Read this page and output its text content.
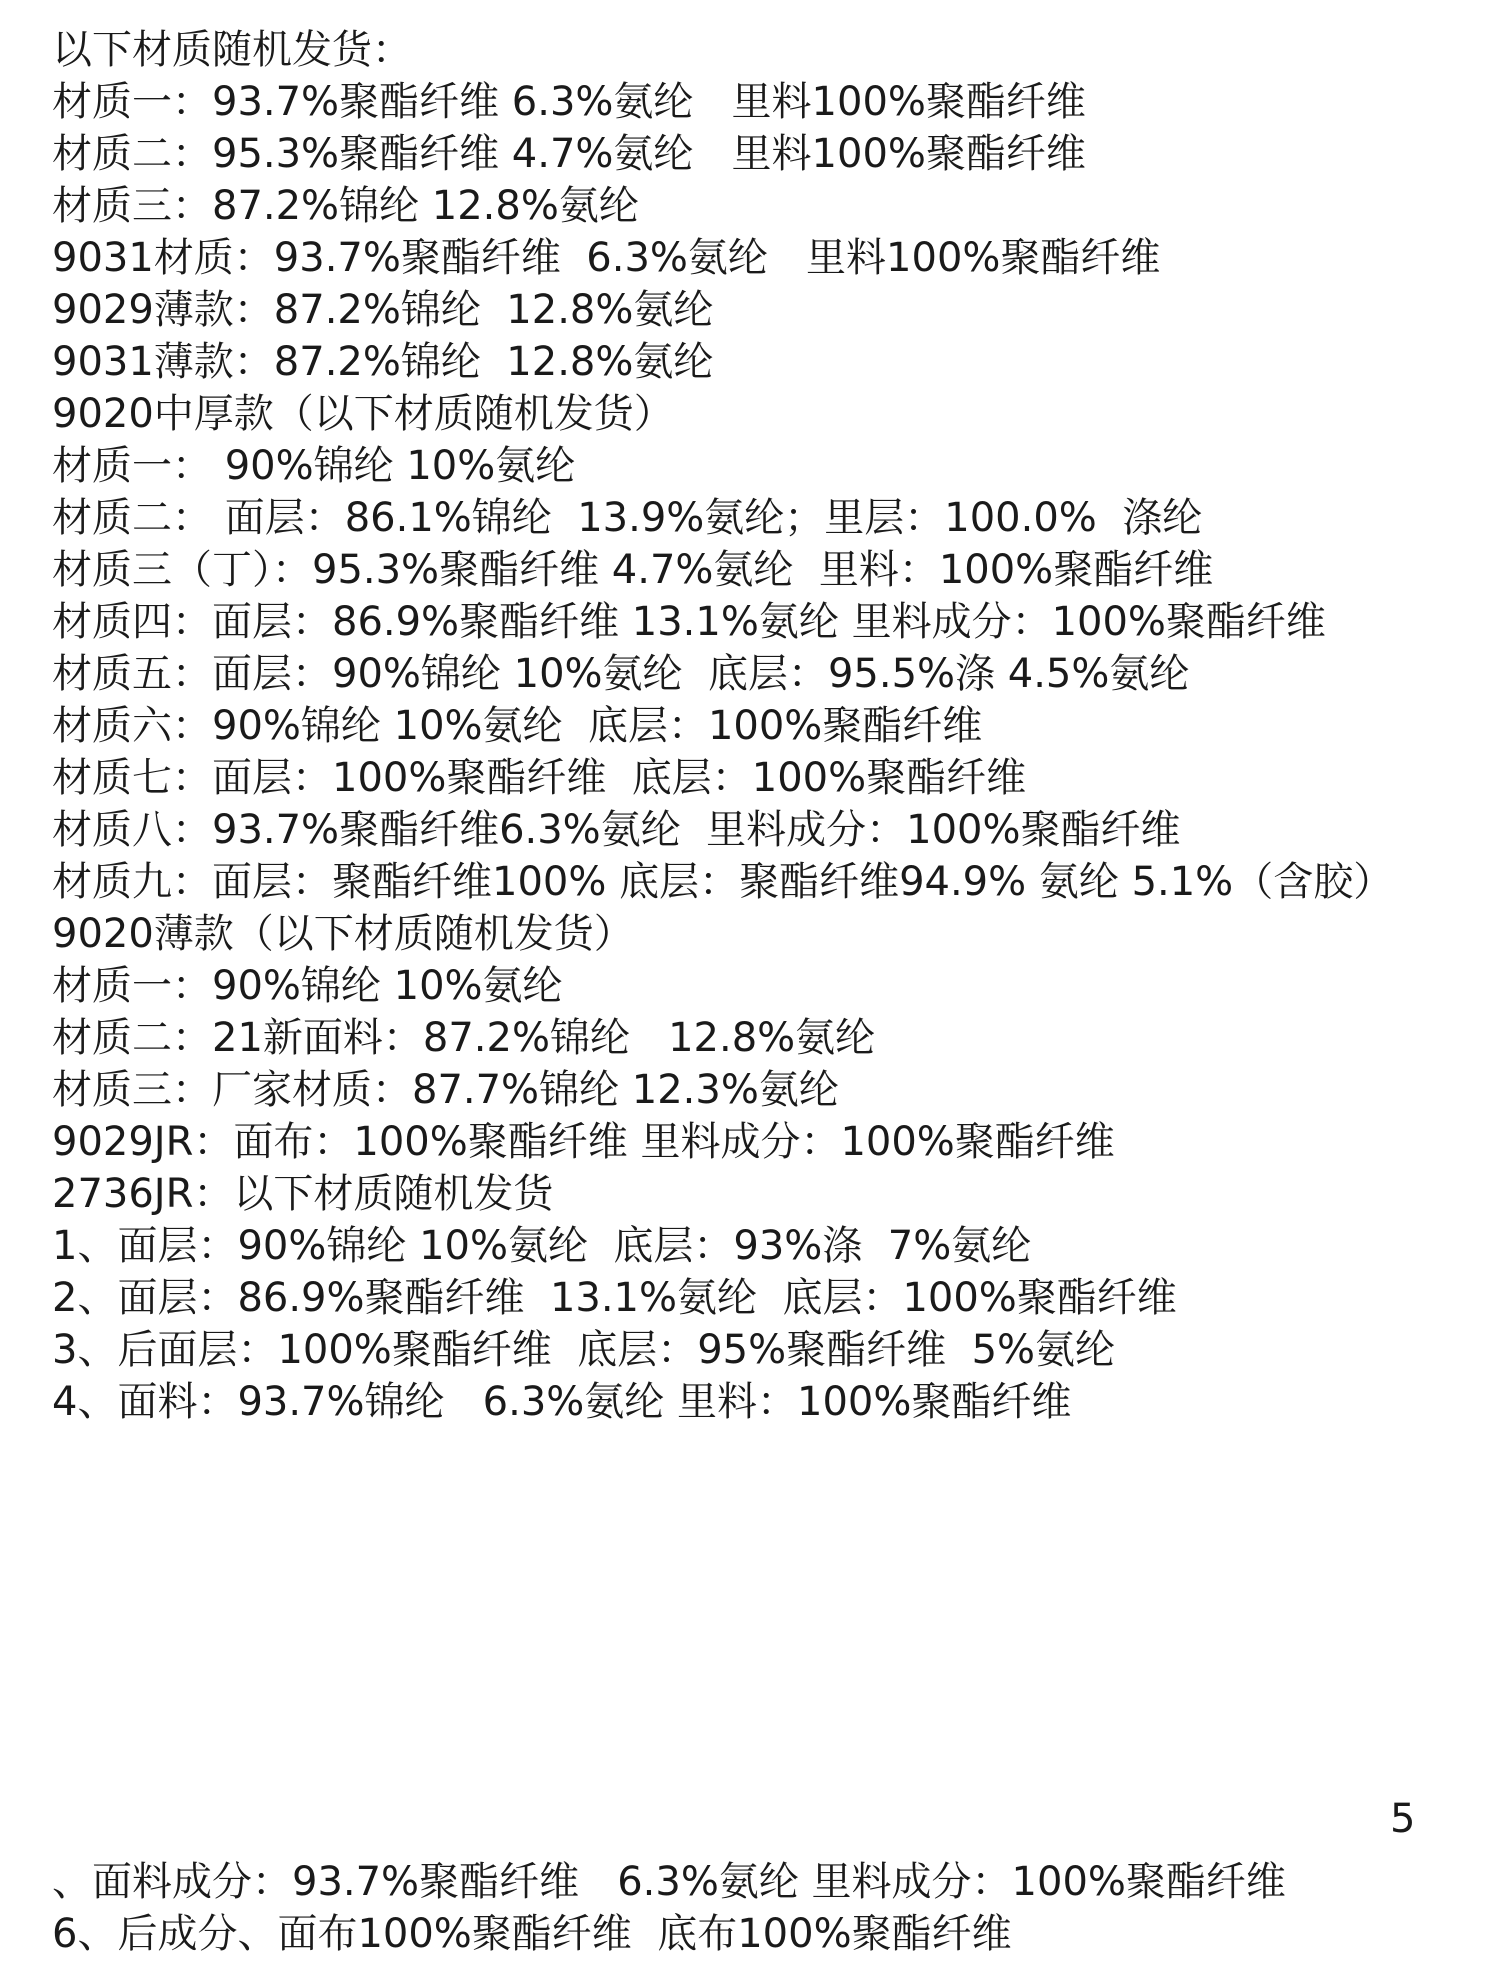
以下材质随机发货：
材质一：93.7%聚酯纤维 6.3%氨纶   里料100%聚酯纤维
材质二：95.3%聚酯纤维 4.7%氨纶   里料100%聚酯纤维
材质三：87.2%锦纶 12.8%氨纶
9031材质：93.7%聚酯纤维  6.3%氨纶   里料100%聚酯纤维
9029薄款：87.2%锦纶  12.8%氨纶
9031薄款：87.2%锦纶  12.8%氨纶
9020中厚款（以下材质随机发货）
材质一： 90%锦纶 10%氨纶
材质二： 面层：86.1%锦纶  13.9%氨纶；里层：100.0%  涤纶
材质三（丁）：95.3%聚酯纤维 4.7%氨纶  里料：100%聚酯纤维
材质四：面层：86.9%聚酯纤维 13.1%氨纶 里料成分：100%聚酯纤维
材质五：面层：90%锦纶 10%氨纶  底层：95.5%涤 4.5%氨纶
材质六：90%锦纶 10%氨纶  底层：100%聚酯纤维
材质七：面层：100%聚酯纤维  底层：100%聚酯纤维
材质八：93.7%聚酯纤维6.3%氨纶  里料成分：100%聚酯纤维
材质九：面层：聚酯纤维100% 底层：聚酯纤维94.9% 氨纶 5.1%（含胶）
9020薄款（以下材质随机发货）
材质一：90%锦纶 10%氨纶
材质二：21新面料：87.2%锦纶   12.8%氨纶
材质三：厂家材质：87.7%锦纶 12.3%氨纶
9029JR：面布：100%聚酯纤维 里料成分：100%聚酯纤维
2736JR：以下材质随机发货
1、面层：90%锦纶 10%氨纶  底层：93%涤  7%氨纶
2、面层：86.9%聚酯纤维  13.1%氨纶  底层：100%聚酯纤维
3、后面层：100%聚酯纤维  底层：95%聚酯纤维  5%氨纶
4、面料：93.7%锦纶   6.3%氨纶 里料：100%聚酯纤维
5
、面料成分：93.7%聚酯纤维   6.3%氨纶 里料成分：100%聚酯纤维
6、后成分、面布100%聚酯纤维  底布100%聚酯纤维
